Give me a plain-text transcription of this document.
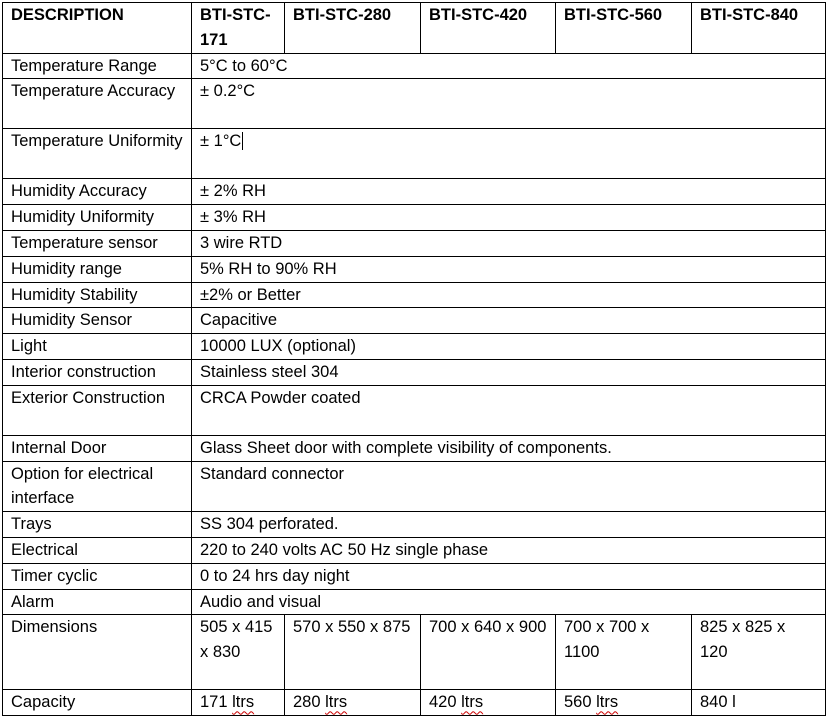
DESCRIPTION	BTI-STC-171	BTI-STC-280	BTI-STC-420	BTI-STC-560	BTI-STC-840
Temperature Range	5°C to 60°C				
Temperature Accuracy	± 0.2°C				
Temperature Uniformity	± 1°C				
Humidity Accuracy	± 2% RH				
Humidity Uniformity	± 3% RH				
Temperature sensor	3 wire RTD				
Humidity range	5% RH to 90% RH				
Humidity Stability	±2% or Better				
Humidity Sensor	Capacitive				
Light	10000 LUX (optional)				
Interior construction	Stainless steel 304				
Exterior Construction	CRCA Powder coated				
Internal Door	Glass Sheet door with complete visibility of components.				
Option for electrical interface	Standard connector				
Trays	SS 304 perforated.				
Electrical	220 to 240 volts AC 50 Hz single phase				
Timer cyclic	0 to 24 hrs day night				
Alarm	Audio and visual				
Dimensions	505 x 415 x 830	570 x 550 x 875	700 x 640 x 900	700 x 700 x 1100	825 x 825 x 120
Capacity	171 ltrs	280 ltrs	420 ltrs	560 ltrs	840 l
